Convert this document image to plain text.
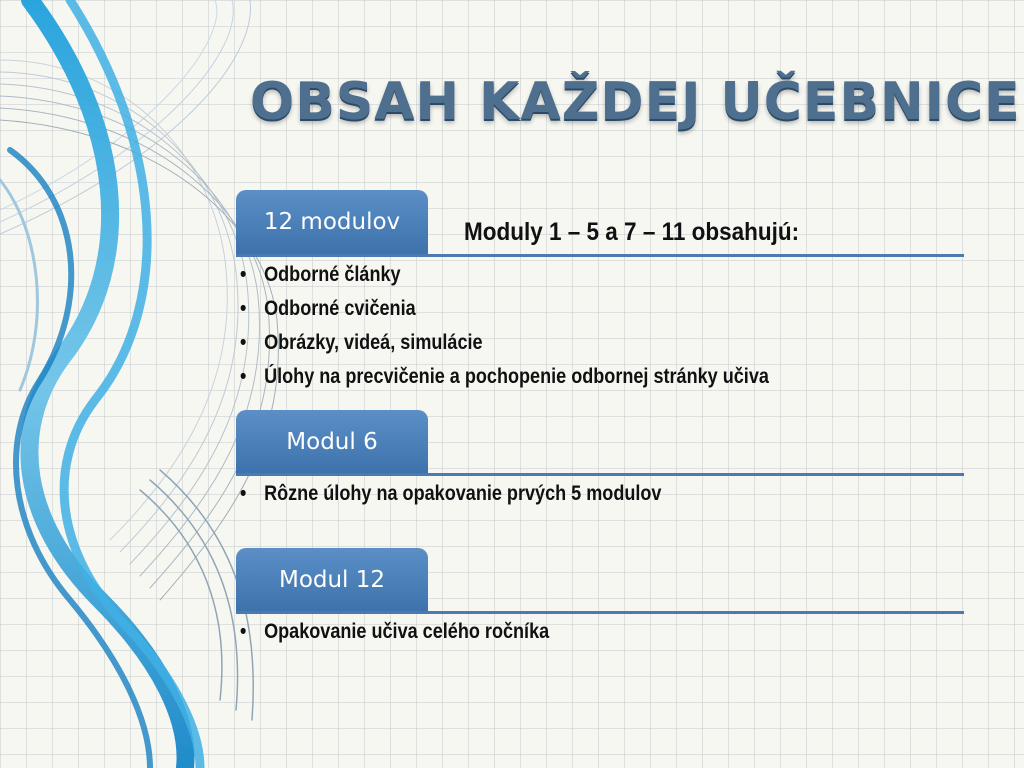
OBSAH KAŽDEJ UČEBNICE
12 modulov	Moduly 1 – 5 a 7 – 11 obsahujú:

• Odborné články
• Odborné cvičenia
• Obrázky, videá, simulácie
• Úlohy na precvičenie a pochopenie odbornej stránky učiva
Modul 6
• Rôzne úlohy na opakovanie prvých 5 modulov
Modul 12
• Opakovanie učiva celého ročníka
